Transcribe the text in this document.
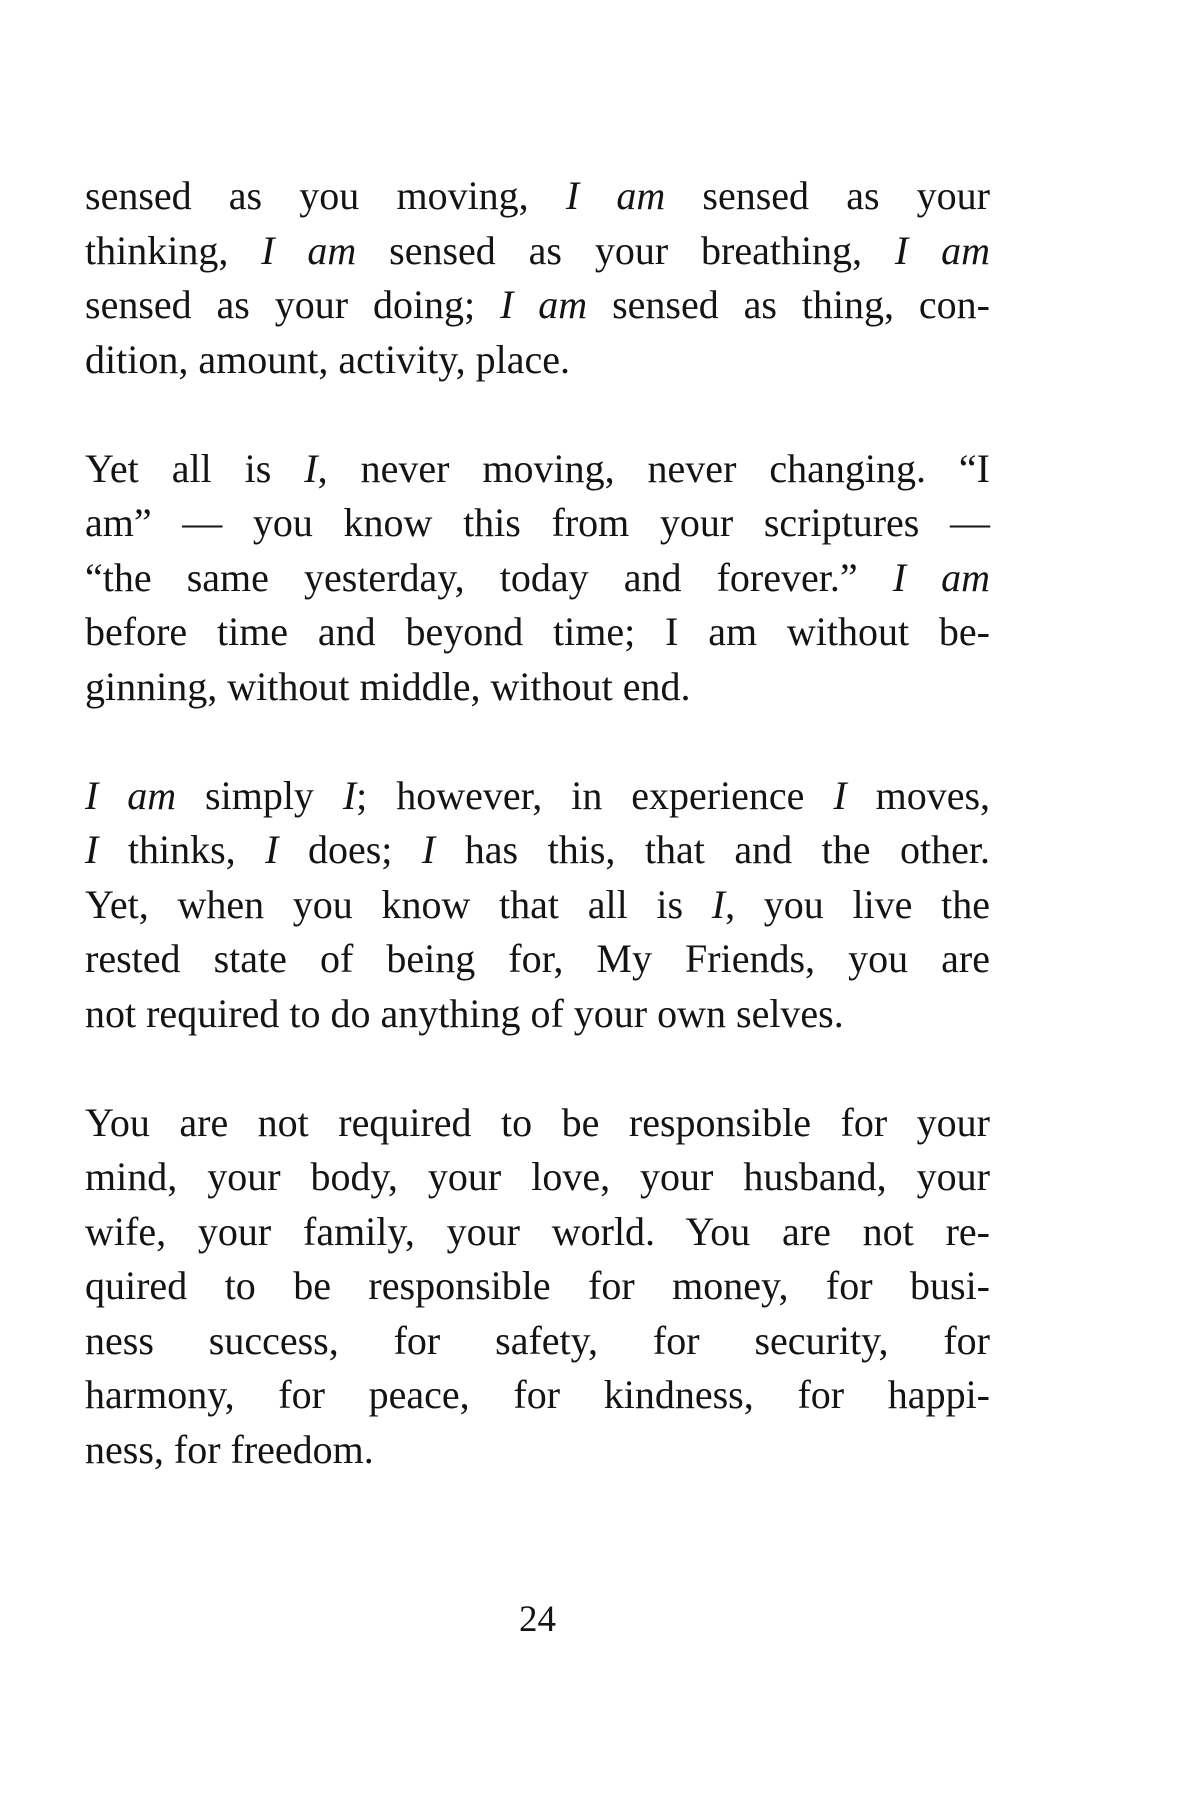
sensed as you moving, I am sensed as your
thinking, I am sensed as your breathing, I am
sensed as your doing; I am sensed as thing, con-
dition, amount, activity, place.
Yet all is I, never moving, never changing. “I
am” — you know this from your scriptures —
“the same yesterday, today and forever.” I am
before time and beyond time; I am without be-
ginning, without middle, without end.
I am simply I; however, in experience I moves,
I thinks, I does; I has this, that and the other.
Yet, when you know that all is I, you live the
rested state of being for, My Friends, you are
not required to do anything of your own selves.
You are not required to be responsible for your
mind, your body, your love, your husband, your
wife, your family, your world. You are not re-
quired to be responsible for money, for busi-
ness success, for safety, for security, for
harmony, for peace, for kindness, for happi-
ness, for freedom.
24
